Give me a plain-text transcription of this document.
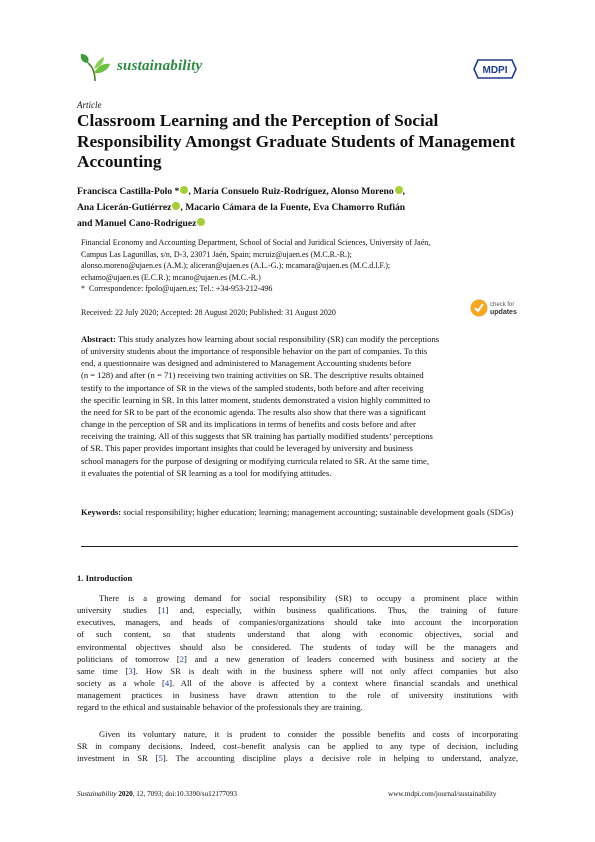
sustainability	MDPI
Article
Classroom Learning and the Perception of Social Responsibility Amongst Graduate Students of Management Accounting
Francisca Castilla-Polo * , María Consuelo Ruiz-Rodríguez, Alonso Moreno ,
Ana Licerán-Gutiérrez , Macario Cámara de la Fuente, Eva Chamorro Rufián
and Manuel Cano-Rodríguez
Financial Economy and Accounting Department, School of Social and Juridical Sciences, University of Jaén,
Campus Las Lagunillas, s/n, D-3, 23071 Jaén, Spain; mcruiz@ujaen.es (M.C.R.-R.);
alonso.moreno@ujaen.es (A.M.); aliceran@ujaen.es (A.L.-G.); mcamara@ujaen.es (M.C.d.l.F.);
echamo@ujaen.es (E.C.R.); mcano@ujaen.es (M.C.-R.)
* Correspondence: fpolo@ujaen.es; Tel.: +34-953-212-496
check for
updates
Received: 22 July 2020; Accepted: 28 August 2020; Published: 31 August 2020
Abstract: This study analyzes how learning about social responsibility (SR) can modify the perceptions
of university students about the importance of responsible behavior on the part of companies. To this
end, a questionnaire was designed and administered to Management Accounting students before
(n = 128) and after (n = 71) receiving two training activities on SR. The descriptive results obtained
testify to the importance of SR in the views of the sampled students, both before and after receiving
the specific learning in SR. In this latter moment, students demonstrated a vision highly committed to
the need for SR to be part of the economic agenda. The results also show that there was a significant
change in the perception of SR and its implications in terms of benefits and costs before and after
receiving the training. All of this suggests that SR training has partially modified students’ perceptions
of SR. This paper provides important insights that could be leveraged by university and business
school managers for the purpose of designing or modifying curricula related to SR. At the same time,
it evaluates the potential of SR learning as a tool for modifying attitudes.
Keywords: social responsibility; higher education; learning; management accounting; sustainable development goals (SDGs)
1. Introduction
There is a growing demand for social responsibility (SR) to occupy a prominent place within
university studies [1] and, especially, within business qualifications. Thus, the training of future
executives, managers, and heads of companies/organizations should take into account the incorporation
of such content, so that students understand that along with economic objectives, social and
environmental objectives should also be considered. The students of today will be the managers and
politicians of tomorrow [2] and a new generation of leaders concerned with business and society at the
same time [3]. How SR is dealt with in the business sphere will not only affect companies but also
society as a whole [4]. All of the above is affected by a context where financial scandals and unethical
management practices in business have drawn attention to the role of university institutions with
regard to the ethical and sustainable behavior of the professionals they are training.
Given its voluntary nature, it is prudent to consider the possible benefits and costs of incorporating
SR in company decisions. Indeed, cost–benefit analysis can be applied to any type of decision, including
investment in SR [5]. The accounting discipline plays a decisive role in helping to understand, analyze,
Sustainability 2020, 12, 7093; doi:10.3390/su12177093	www.mdpi.com/journal/sustainability
